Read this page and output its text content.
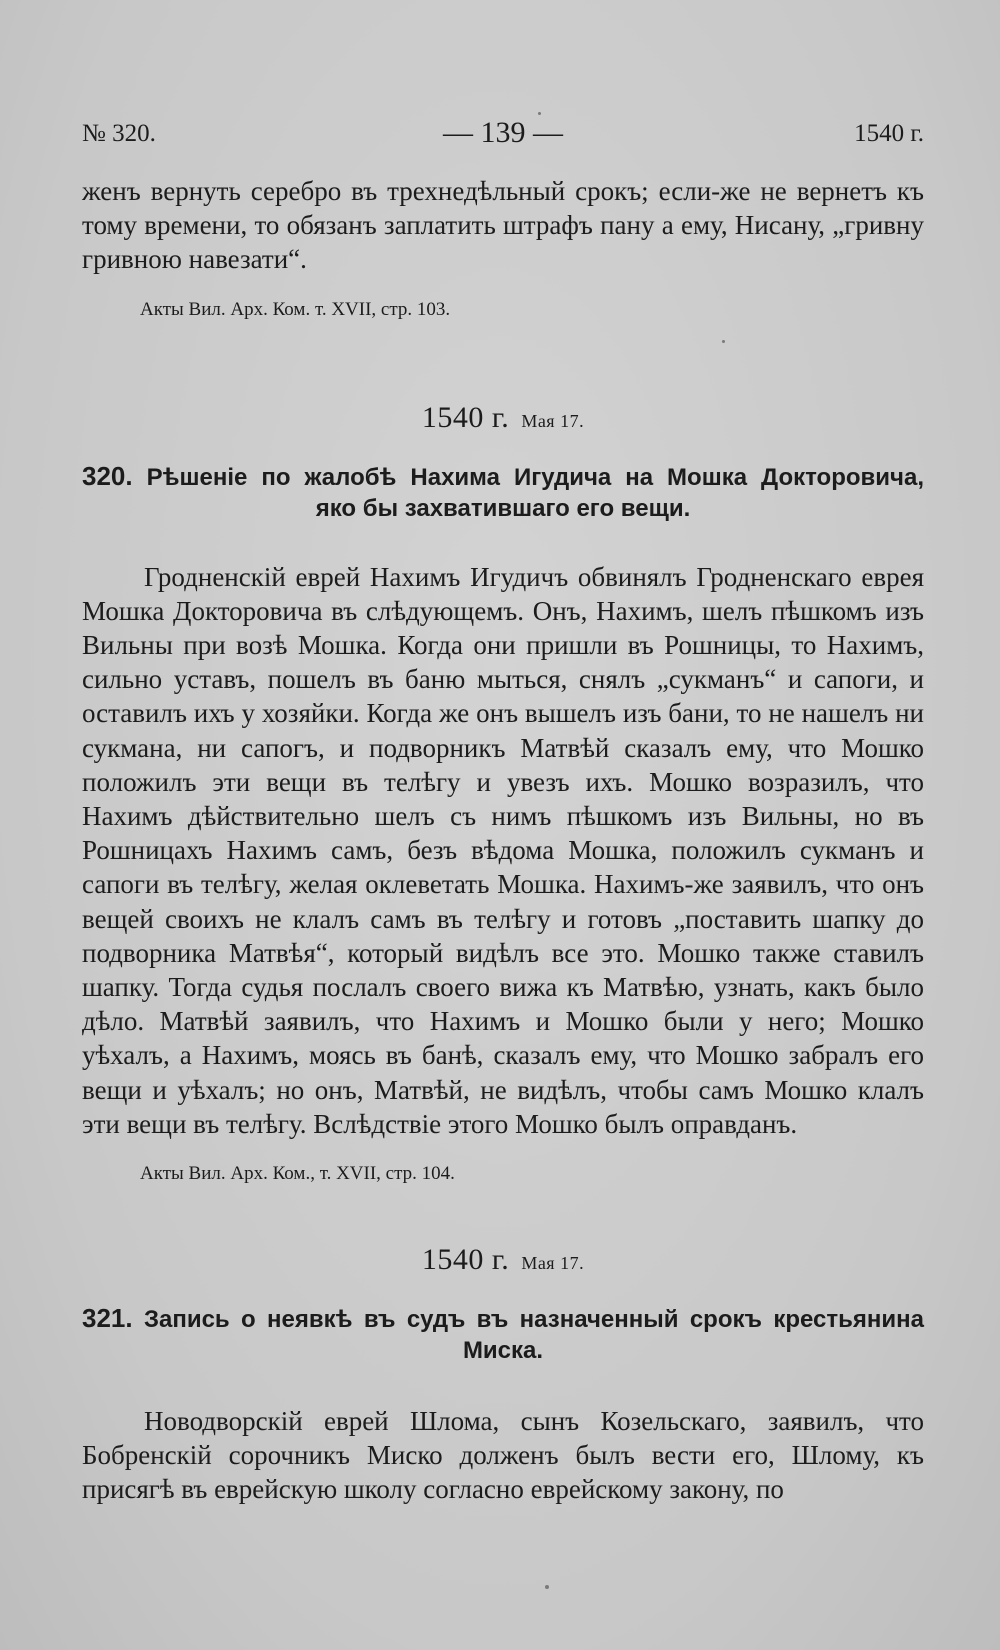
№ 320.	— 139 —	1540 г.

женъ вернуть серебро въ трехнедѣльный срокъ; если-же не вернетъ къ тому времени, то обязанъ заплатить штрафъ пану а ему, Нисану, „гривну гривною навезати“.

Акты Вил. Арх. Ком. т. XVII, стр. 103.
1540 г. Мая 17.
320. Рѣшеніе по жалобѣ Нахима Игудича на Мошка Докторовича,
яко бы захватившаго его вещи.

Гродненскій еврей Нахимъ Игудичъ обвинялъ Гродненскаго еврея Мошка Докторовича въ слѣдующемъ. Онъ, Нахимъ, шелъ пѣшкомъ изъ Вильны при возѣ Мошка. Когда они пришли въ Рошницы, то Нахимъ, сильно уставъ, пошелъ въ баню мыться, снялъ „сукманъ“ и сапоги, и оставилъ ихъ у хозяйки. Когда же онъ вышелъ изъ бани, то не нашелъ ни сукмана, ни сапогъ, и подворникъ Матвѣй сказалъ ему, что Мошко положилъ эти вещи въ телѣгу и увезъ ихъ. Мошко возразилъ, что Нахимъ дѣйствительно шелъ съ нимъ пѣшкомъ изъ Вильны, но въ Рошницахъ Нахимъ самъ, безъ вѣдома Мошка, положилъ сукманъ и сапоги въ телѣгу, желая оклеветать Мошка. Нахимъ-же заявилъ, что онъ вещей своихъ не клалъ самъ въ телѣгу и готовъ „поставить шапку до подворника Матвѣя“, который видѣлъ все это. Мошко также ставилъ шапку. Тогда судья послалъ своего вижа къ Матвѣю, узнать, какъ было дѣло. Матвѣй заявилъ, что Нахимъ и Мошко были у него; Мошко уѣхалъ, а Нахимъ, моясь въ банѣ, сказалъ ему, что Мошко забралъ его вещи и уѣхалъ; но онъ, Матвѣй, не видѣлъ, чтобы самъ Мошко клалъ эти вещи въ телѣгу. Вслѣдствіе этого Мошко былъ оправданъ.

Акты Вил. Арх. Ком., т. XVII, стр. 104.
1540 г. Мая 17.
321. Запись о неявкѣ въ судъ въ назначенный срокъ крестьянина
Миска.

Новодворскій еврей Шлома, сынъ Козельскаго, заявилъ, что Бобренскій сорочникъ Миско долженъ былъ вести его, Шлому, къ присягѣ въ еврейскую школу согласно еврейскому закону, по
